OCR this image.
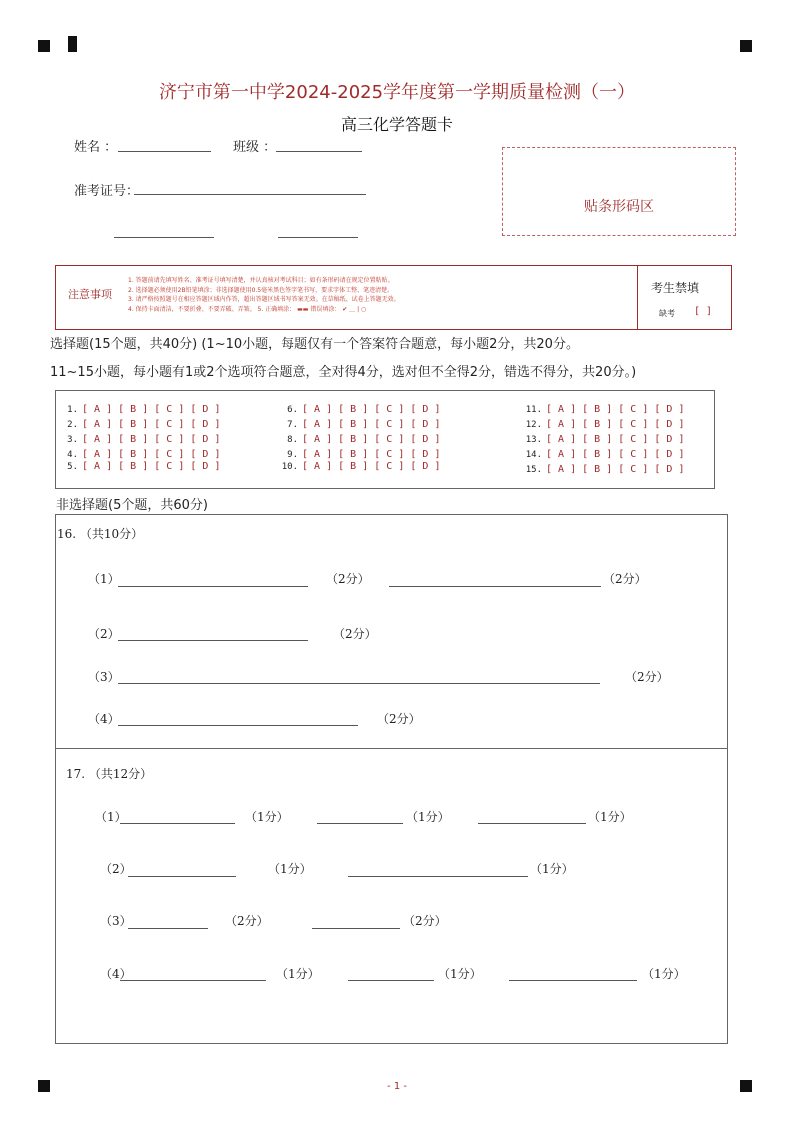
济宁市第一中学2024-2025学年度第一学期质量检测（一）
高三化学答题卡
姓名 ：	班级 ：
准考证号：
贴条形码区
注意事项
1. 答题前请先填写姓名、准考证号填写清楚，并认真核对考试科目；如有条形码请在规定位置粘贴。
2. 选择题必须使用2B铅笔填涂；非选择题使用0.5毫米黑色签字笔书写，要求字体工整、笔迹清楚。
3. 请严格按照题号在相应答题区域内作答，超出答题区域书写答案无效。在草稿纸、试卷上答题无效。
4. 保持卡面清洁，不要折叠、不要弄破、弄皱。 5. 正确填涂： ▬▬ 错误填涂： ✔ ＿ | ○
考生禁填
缺考 [ ]
选择题(15个题，共40分) (1~10小题，每题仅有一个答案符合题意，每小题2分，共20分。
11~15小题，每小题有1或2个选项符合题意，全对得4分，选对但不全得2分，错选不得分，共20分。)
1. [ A ] [ B ] [ C ] [ D ]
2. [ A ] [ B ] [ C ] [ D ]
3. [ A ] [ B ] [ C ] [ D ]
4. [ A ] [ B ] [ C ] [ D ]
5. [ A ] [ B ] [ C ] [ D ]
6. [ A ] [ B ] [ C ] [ D ]
7. [ A ] [ B ] [ C ] [ D ]
8. [ A ] [ B ] [ C ] [ D ]
9. [ A ] [ B ] [ C ] [ D ]
10. [ A ] [ B ] [ C ] [ D ]
11. [ A ] [ B ] [ C ] [ D ]
12. [ A ] [ B ] [ C ] [ D ]
13. [ A ] [ B ] [ C ] [ D ]
14. [ A ] [ B ] [ C ] [ D ]
15. [ A ] [ B ] [ C ] [ D ]
非选择题(5个题，共60分)
16. （共10分）
（1）	（2分）	（2分）
（2）	（2分）
（3）	（2分）
（4）	（2分）
17. （共12分）
（1）	（1分）	（1分）	（1分）
（2）	（1分）	（1分）
（3）	（2分）	（2分）
（4）	（1分）	（1分）	（1分）
- 1 -
